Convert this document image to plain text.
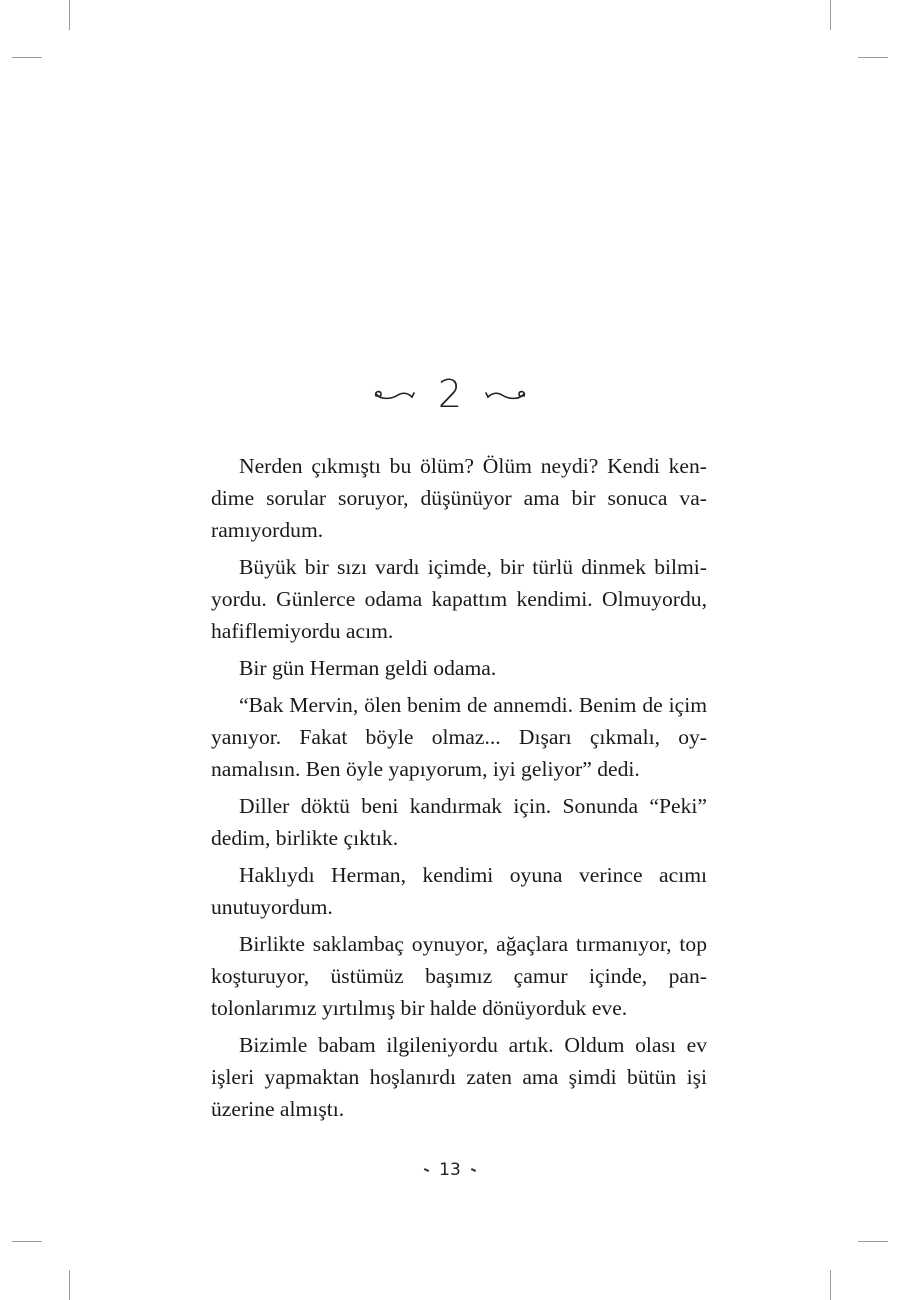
2

Nerden çıkmıştı bu ölüm? Ölüm neydi? Kendi kendime sorular soruyor, düşünüyor ama bir sonuca varamıyordum.

Büyük bir sızı vardı içimde, bir türlü dinmek bilmiyordu. Günlerce odama kapattım kendimi. Olmuyordu, hafiflemiyordu acım.

Bir gün Herman geldi odama.

“Bak Mervin, ölen benim de annemdi. Benim de içim yanıyor. Fakat böyle olmaz... Dışarı çıkmalı, oynamalısın. Ben öyle yapıyorum, iyi geliyor” dedi.

Diller döktü beni kandırmak için. Sonunda “Peki” dedim, birlikte çıktık.

Haklıydı Herman, kendimi oyuna verince acımı unutuyordum.

Birlikte saklambaç oynuyor, ağaçlara tırmanıyor, top koşturuyor, üstümüz başımız çamur içinde, pantolonlarımız yırtılmış bir halde dönüyorduk eve.

Bizimle babam ilgileniyordu artık. Oldum olası ev işleri yapmaktan hoşlanırdı zaten ama şimdi bütün işi üzerine almıştı.

13
